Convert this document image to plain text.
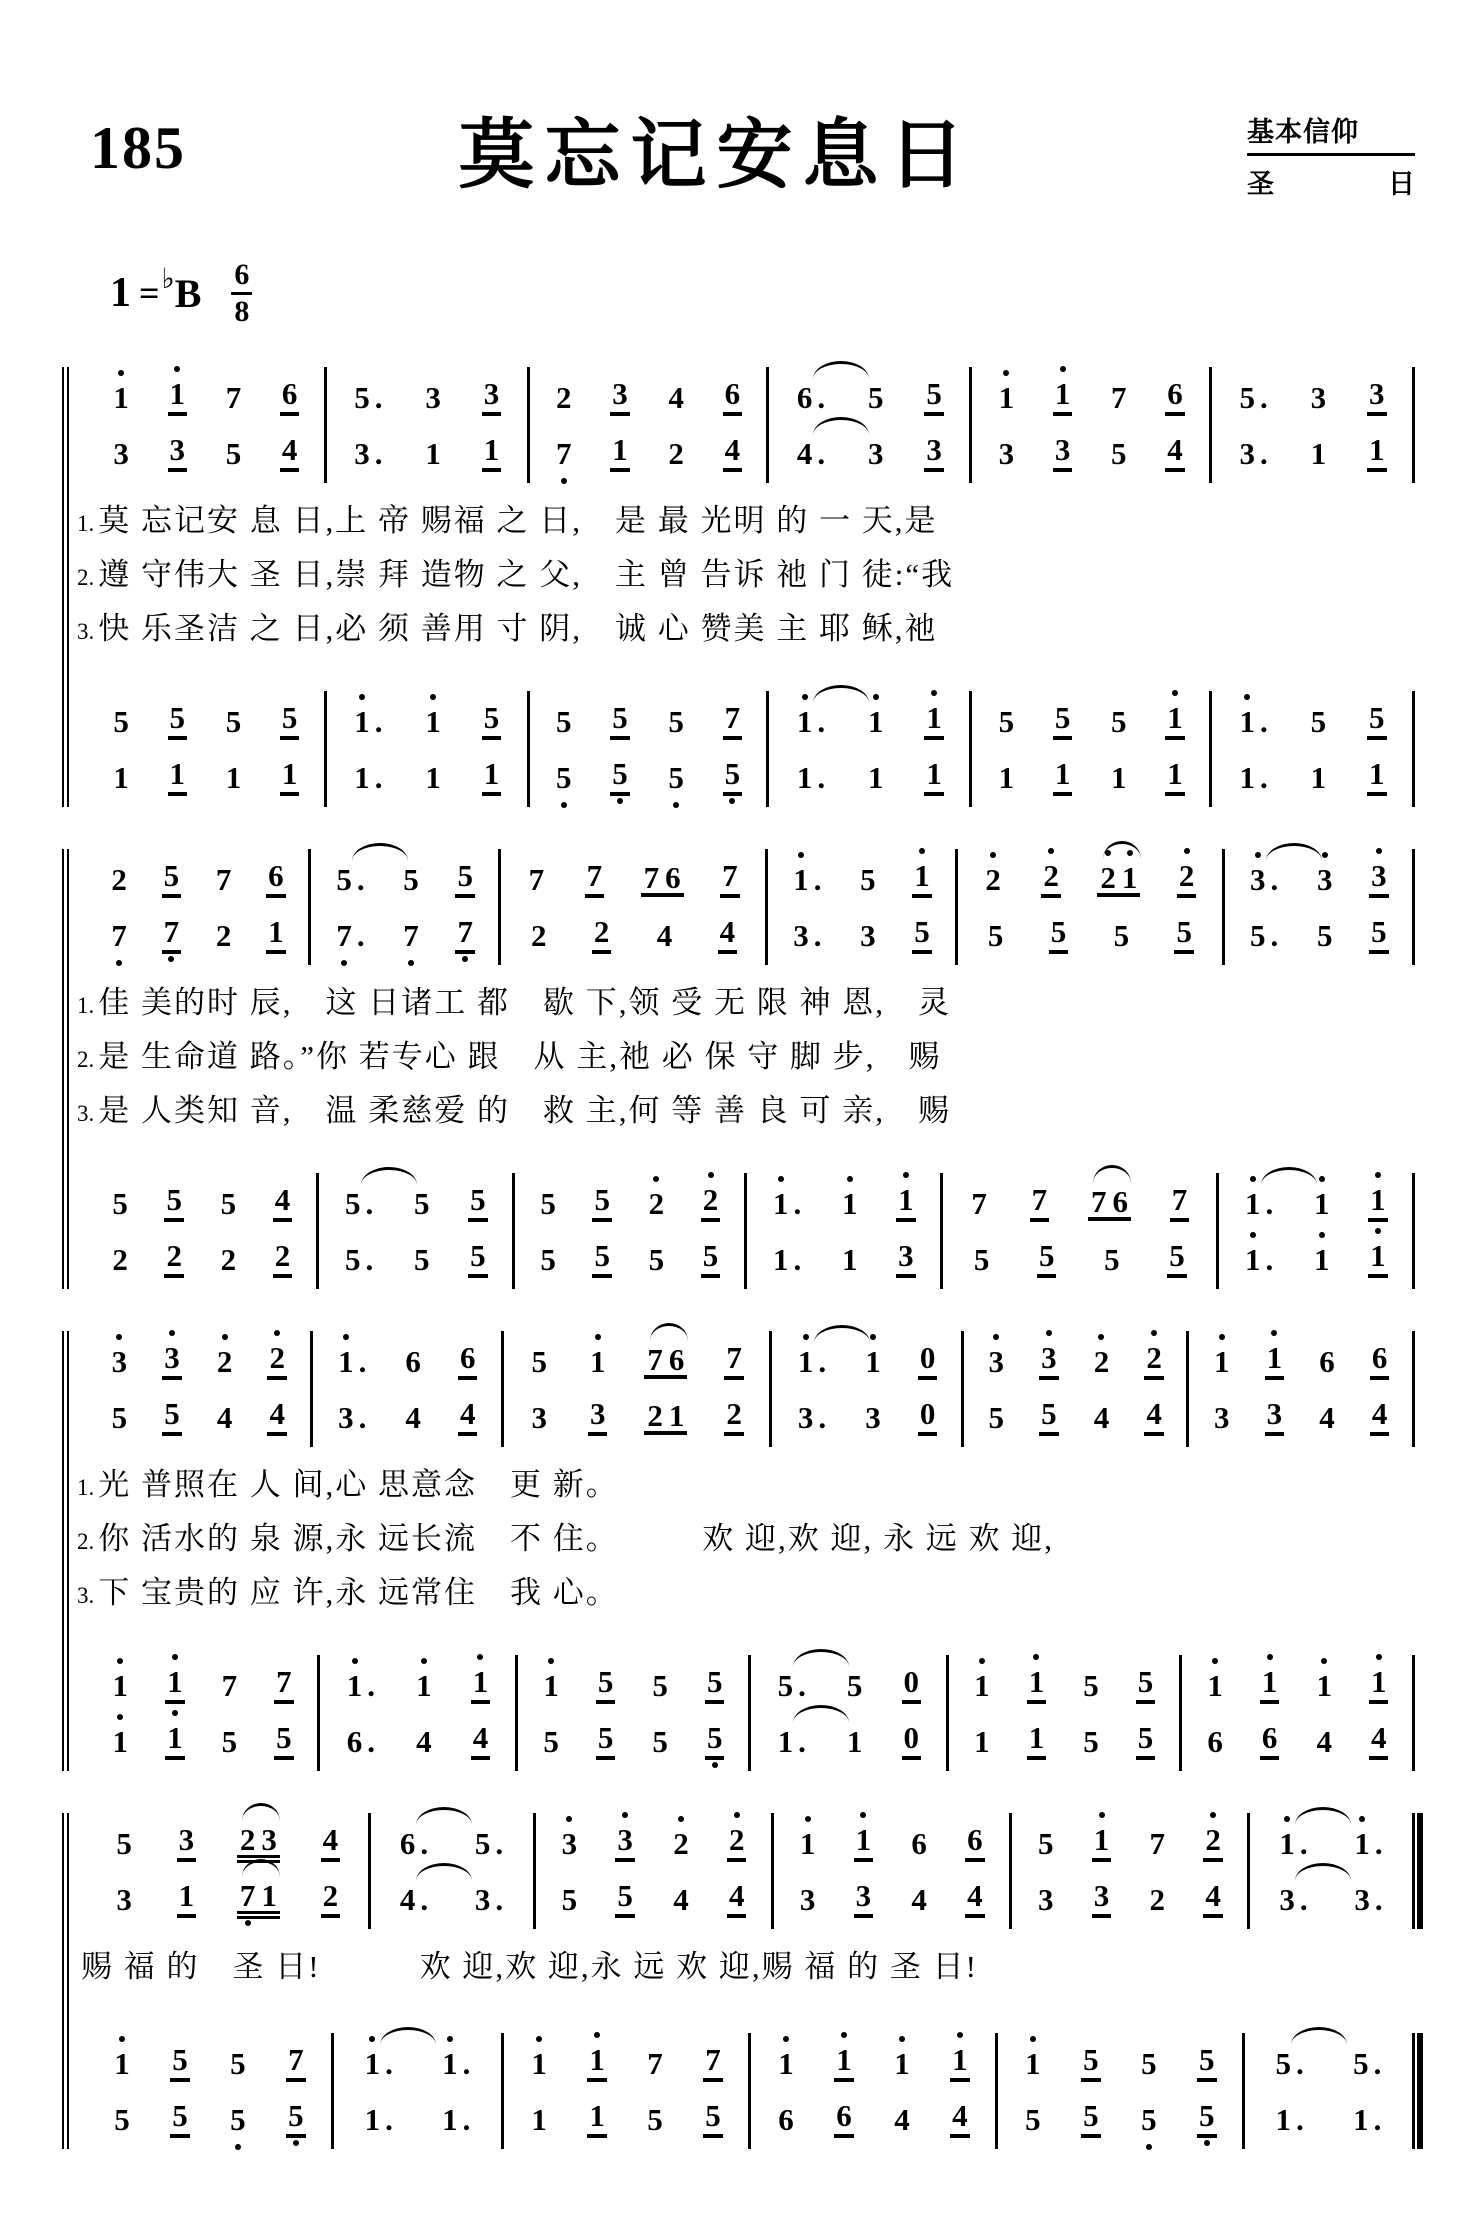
185	莫忘记安息日	基本信仰
圣	日
1 = ♭ B $\frac{6}{8}$
1 1 7 6
3 3 5 4
5 . 3 3
3 . 1 1
2 3 4 6
7 1 2 4
6 . 5 5
4 . 3 3
1 1 7 6
3 3 5 4
5 . 3 3
3 . 1 1
1. 莫 忘记安 息 日,上 帝 赐福 之 日,　是 最 光明 的 一 天,是
2. 遵 守伟大 圣 日,崇 拜 造物 之 父,　主 曾 告诉 祂 门 徒:“我
3. 快 乐圣洁 之 日,必 须 善用 寸 阴,　诚 心 赞美 主 耶 稣,祂
5 5 5 5
1 1 1 1
1 . 1 5
1 . 1 1
5 5 5 7
5 5 5 5
1 . 1 1
1 . 1 1
5 5 5 1
1 1 1 1
1 . 5 5
1 . 1 1
2 5 7 6
7 7 2 1
5 . 5 5
7 . 7 7
7 7 7 6 7
2 2 4 4
1 . 5 1
3 . 3 5
2 2 2 1 2
5 5 5 5
3 . 3 3
5 . 5 5
1. 佳 美的时 辰,　这 日诸工 都　歇 下,领 受 无 限 神 恩,　灵
2. 是 生命道 路。”你 若专心 跟　从 主,祂 必 保 守 脚 步,　赐
3. 是 人类知 音,　温 柔慈爱 的　救 主,何 等 善 良 可 亲,　赐
5 5 5 4
2 2 2 2
5 . 5 5
5 . 5 5
5 5 2 2
5 5 5 5
1 . 1 1
1 . 1 3
7 7 7 6 7
5 5 5 5
1 . 1 1
1 . 1 1
3 3 2 2
5 5 4 4
1 . 6 6
3 . 4 4
5 1 7 6 7
3 3 2 1 2
1 . 1 0
3 . 3 0
3 3 2 2
5 5 4 4
1 1 6 6
3 3 4 4
1. 光 普照在 人 间,心 思意念　更 新。
2. 你 活水的 泉 源,永 远长流　不 住。　　　欢 迎,欢 迎, 永 远 欢 迎,
3. 下 宝贵的 应 许,永 远常住　我 心。
1 1 7 7
1 1 5 5
1 . 1 1
6 . 4 4
1 5 5 5
5 5 5 5
5 . 5 0
1 . 1 0
1 1 5 5
1 1 5 5
1 1 1 1
6 6 4 4
5 3 2 3 4
3 1 7 1 2
6 . 5 .
4 . 3 .
3 3 2 2
5 5 4 4
1 1 6 6
3 3 4 4
5 1 7 2
3 3 2 4
1 . 1 .
3 . 3 .
赐 福 的　圣 日!　　　欢 迎,欢 迎,永 远 欢 迎,赐 福 的 圣 日!
1 5 5 7
5 5 5 5
1 . 1 .
1 . 1 .
1 1 7 7
1 1 5 5
1 1 1 1
6 6 4 4
1 5 5 5
5 5 5 5
5 . 5 .
1 . 1 .
